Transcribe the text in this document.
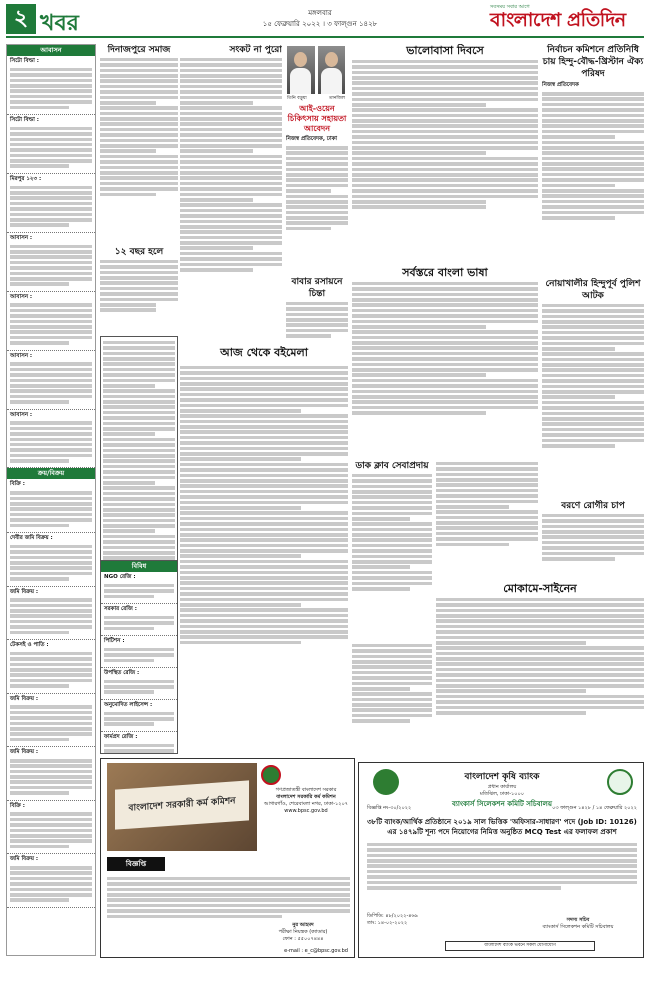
২ খবর	মঙ্গলবার
১৫ ফেব্রুয়ারি ২০২২ । ৩ ফাল্গুন ১৪২৮
সবসময় সবার আগে
বাংলাদেশ প্রতিদিন
আবাসন
সিটো বিল্ডা :
সিটো বিল্ডা :
মিরপুর ১২৩ :
আবাসন :
আবাসন :
আবাসন :
আবাসন :
ক্রয়/বিক্রয়
বিক্রি :
দেবীর জমি বিক্রয় :
জমি বিক্রয় :
টেকসই ও পাতি :
জমি বিক্রয় :
জমি বিক্রয় :
বিক্রি :
জমি বিক্রয় :
দিনাজপুরে সমাজ
১২ বছর হলে
সংকট না পুরো
আজ থেকে বইমেলা
বিবিধ
NGO রেজি :
সরকার রেজি :
পিটিশন :
উপস্থিত রেজি :
অনুমোদিত লাইসেন্স :
ফার্মপ্রদ রেজি :
তিনি বড়ুয়া	তানজিল
আই-ওয়েন চিকিৎসায় সহায়তা আবেদন
নিজস্ব প্রতিবেদক, ঢাকা
বাবার রসায়নে চিন্তা
ভালোবাসা দিবসে
সর্বস্তরে বাংলা ভাষা
ডাক ক্লাব সেবাপ্রদায়
মোকামে-সাইনেন
নির্বাচন কমিশনে প্রতিনিধি চায় হিন্দু-বৌদ্ধ-খ্রিস্টান ঐক্য পরিষদ
নিজস্ব প্রতিবেদক
নোয়াখালীর হিন্দুপূর্ব পুলিশ আটক
বরণে রোগীর চাপ
বাংলাদেশ সরকারী কর্ম কমিশন
গণপ্রজাতন্ত্রী বাংলাদেশ সরকার
বাংলাদেশ সরকারি কর্ম কমিশন
আগারগাঁও, শেরেবাংলা নগর, ঢাকা-১২০৭
www.bpsc.gov.bd
বিজ্ঞপ্তি
নুর আহমদ
পরীক্ষা নিয়ন্ত্রক (ক্যাডার)
ফোন : ৫৫০০৭৪৪৪
e-mail : e_c@bpsc.gov.bd
বাংলাদেশ কৃষি ব্যাংক
প্রধান কার্যালয়
মতিঝিল, ঢাকা-১০০০
ব্যাংকার্স সিলেকশন কমিটি সচিবালয়
বিজ্ঞপ্তি নং-৩০/২০২২	০৩ ফাল্গুন ১৪২৮ / ১৪ ফেব্রুয়ারি ২০২২
৩৮টি ব্যাংক/আর্থিক প্রতিষ্ঠানে ২০১৯ সাল ভিত্তিক 'অফিসার-সাধারণ' পদে (Job ID: 10126) এর ১৪৭৯টি শূন্য পদে নিয়োগের নিমিত্ত অনুষ্ঠিত MCQ Test এর ফলাফল প্রকাশ
ডিপিডি: ৪৮/২০২২-৪৬৯
তাং: ১৪-০২-২০২২	সদস্য সচিব
ব্যাংকার্স সিলেকশন কমিটি সচিবালয়
বাংলাদেশ ব্যাংক ভবনে সকল যোগাযোগ
